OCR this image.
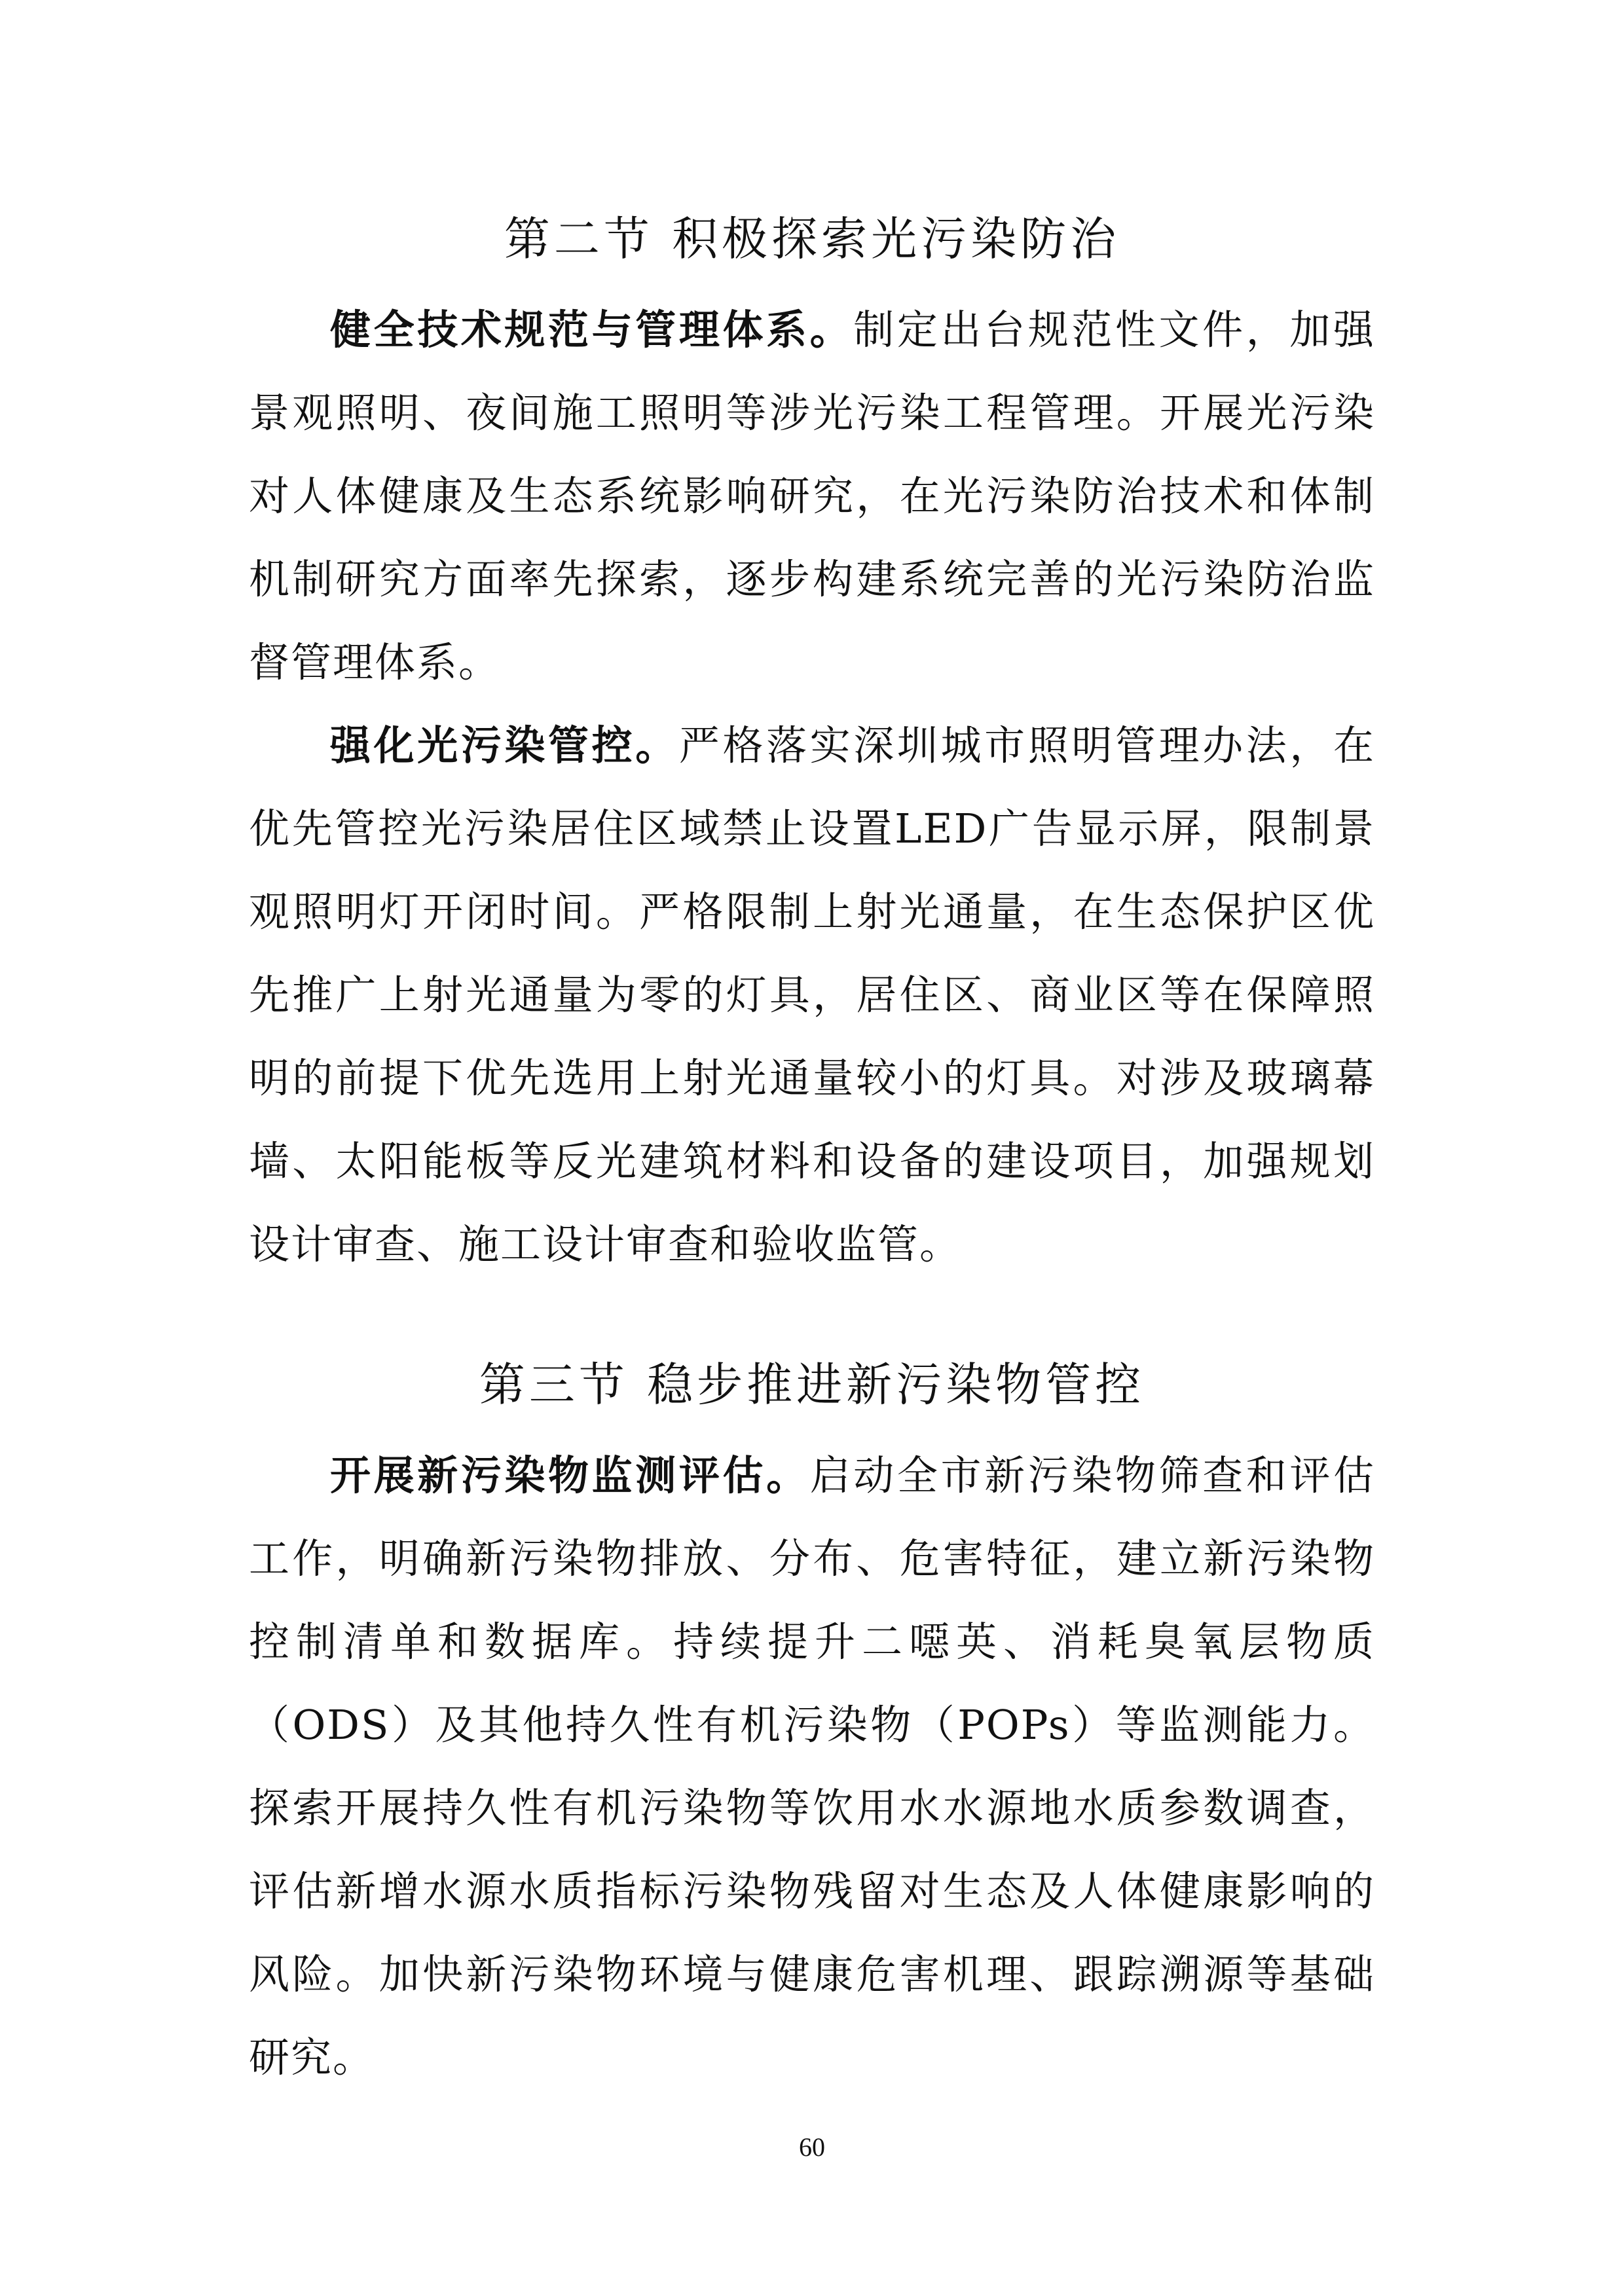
第二节 积极探索光污染防治

健全技术规范与管理体系。制定出台规范性文件，加强景观照明、夜间施工照明等涉光污染工程管理。开展光污染对人体健康及生态系统影响研究，在光污染防治技术和体制机制研究方面率先探索，逐步构建系统完善的光污染防治监督管理体系。

强化光污染管控。严格落实深圳城市照明管理办法，在优先管控光污染居住区域禁止设置LED广告显示屏，限制景观照明灯开闭时间。严格限制上射光通量，在生态保护区优先推广上射光通量为零的灯具，居住区、商业区等在保障照明的前提下优先选用上射光通量较小的灯具。对涉及玻璃幕墙、太阳能板等反光建筑材料和设备的建设项目，加强规划设计审查、施工设计审查和验收监管。

第三节 稳步推进新污染物管控

开展新污染物监测评估。启动全市新污染物筛查和评估工作，明确新污染物排放、分布、危害特征，建立新污染物控制清单和数据库。持续提升二噁英、消耗臭氧层物质（ODS）及其他持久性有机污染物（POPs）等监测能力。探索开展持久性有机污染物等饮用水水源地水质参数调查，评估新增水源水质指标污染物残留对生态及人体健康影响的风险。加快新污染物环境与健康危害机理、跟踪溯源等基础研究。

60
